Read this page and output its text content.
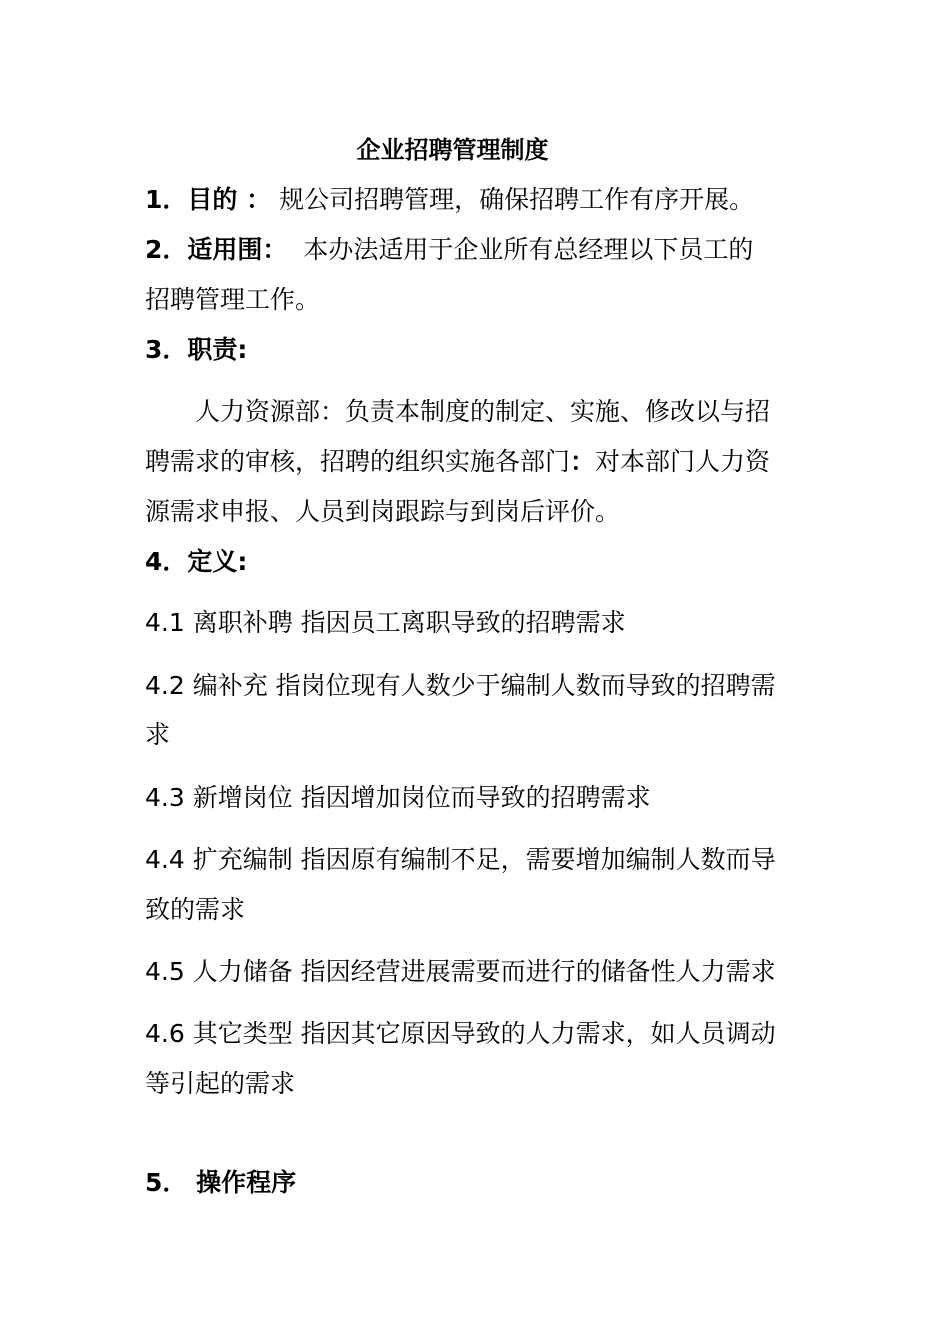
企业招聘管理制度
1．目的 ： 规公司招聘管理，确保招聘工作有序开展。
2．适用围： 本办法适用于企业所有总经理以下员工的
招聘管理工作。
3．职责:
人力资源部：负责本制度的制定、实施、修改以与招
聘需求的审核，招聘的组织实施各部门：对本部门人力资
源需求申报、人员到岗跟踪与到岗后评价。
4．定义:
4.1 离职补聘 指因员工离职导致的招聘需求
4.2 编补充 指岗位现有人数少于编制人数而导致的招聘需
求
4.3 新增岗位 指因增加岗位而导致的招聘需求
4.4 扩充编制 指因原有编制不足，需要增加编制人数而导
致的需求
4.5 人力储备 指因经营进展需要而进行的储备性人力需求
4.6 其它类型 指因其它原因导致的人力需求，如人员调动
等引起的需求
5． 操作程序
